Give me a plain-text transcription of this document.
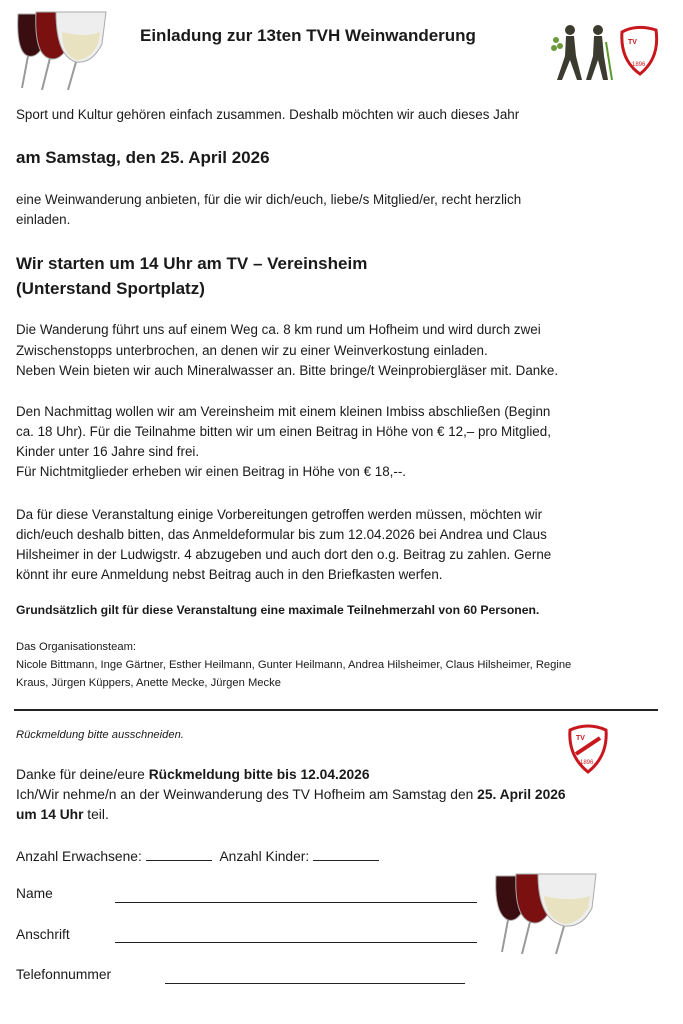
Einladung zur 13ten TVH Weinwanderung	TV
1896
Sport und Kultur gehören einfach zusammen. Deshalb möchten wir auch dieses Jahr
am Samstag, den 25. April 2026
eine Weinwanderung anbieten, für die wir dich/euch, liebe/s Mitglied/er, recht herzlich
einladen.
Wir starten um 14 Uhr am TV – Vereinsheim
(Unterstand Sportplatz)
Die Wanderung führt uns auf einem Weg ca. 8 km rund um Hofheim und wird durch zwei
Zwischenstopps unterbrochen, an denen wir zu einer Weinverkostung einladen.
Neben Wein bieten wir auch Mineralwasser an. Bitte bringe/t Weinprobiergläser mit. Danke.
Den Nachmittag wollen wir am Vereinsheim mit einem kleinen Imbiss abschließen (Beginn
ca. 18 Uhr). Für die Teilnahme bitten wir um einen Beitrag in Höhe von € 12,– pro Mitglied,
Kinder unter 16 Jahre sind frei.
Für Nichtmitglieder erheben wir einen Beitrag in Höhe von € 18,--.
Da für diese Veranstaltung einige Vorbereitungen getroffen werden müssen, möchten wir
dich/euch deshalb bitten, das Anmeldeformular bis zum 12.04.2026 bei Andrea und Claus
Hilsheimer in der Ludwigstr. 4 abzugeben und auch dort den o.g. Beitrag zu zahlen. Gerne
könnt ihr eure Anmeldung nebst Beitrag auch in den Briefkasten werfen.
Grundsätzlich gilt für diese Veranstaltung eine maximale Teilnehmerzahl von 60 Personen.
Das Organisationsteam:
Nicole Bittmann, Inge Gärtner, Esther Heilmann, Gunter Heilmann, Andrea Hilsheimer, Claus Hilsheimer, Regine
Kraus, Jürgen Küppers, Anette Mecke, Jürgen Mecke
Rückmeldung bitte ausschneiden.	TV
1896
Danke für deine/eure Rückmeldung bitte bis 12.04.2026
Ich/Wir nehme/n an der Weinwanderung des TV Hofheim am Samstag den 25. April 2026
um 14 Uhr teil.
Anzahl Erwachsene:	Anzahl Kinder:
Name
Anschrift
Telefonnummer
